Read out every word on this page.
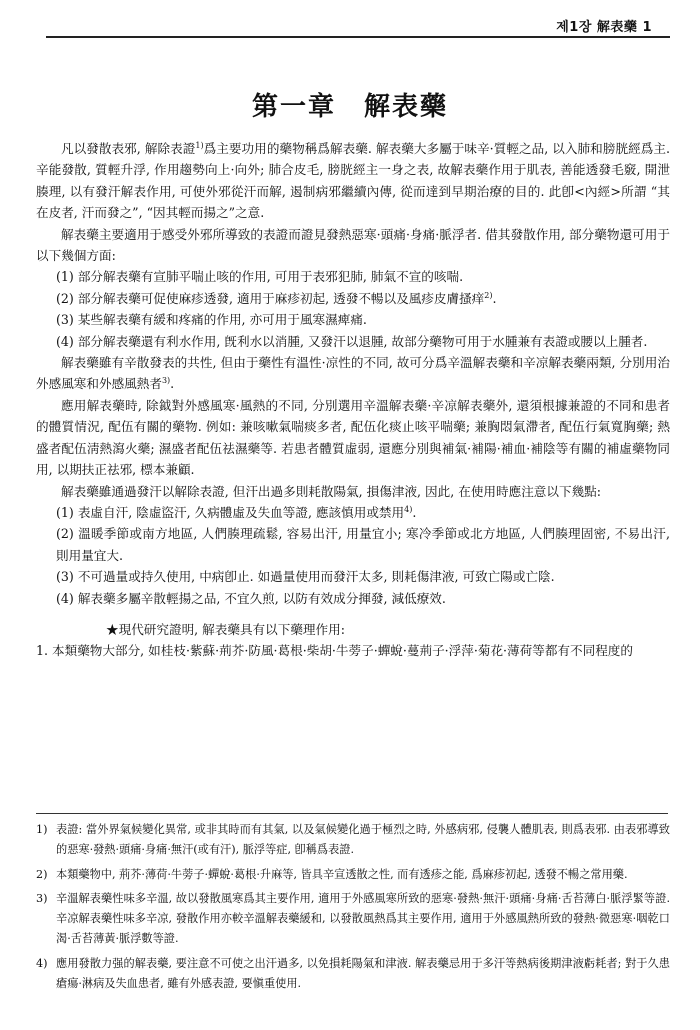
제1장 解表藥 1
第一章　解表藥

凡以發散表邪, 解除表證$^{1)}$爲主要功用的藥物稱爲解表藥. 解表藥大多屬于味辛·質輕之品, 以入肺和膀胱經爲主. 辛能發散, 質輕升浮, 作用趨勢向上·向外; 肺合皮毛, 膀胱經主一身之表, 故解表藥作用于肌表, 善能透發毛竅, 開泄腠理, 以有發汗解表作用, 可使外邪從汗而解, 遏制病邪繼續內傳, 從而達到早期治療的目的. 此卽<內經>所謂 “其在皮者, 汗而發之”, “因其輕而揚之”之意.

解表藥主要適用于感受外邪所導致的表證而證見發熱惡寒·頭痛·身痛·脈浮者. 借其發散作用, 部分藥物還可用于以下幾個方面:

(1) 部分解表藥有宣肺平喘止咳的作用, 可用于表邪犯肺, 肺氣不宣的咳喘.

(2) 部分解表藥可促使麻疹透發, 適用于麻疹初起, 透發不暢以及風疹皮膚搔痒$^{2)}$.

(3) 某些解表藥有緩和疼痛的作用, 亦可用于風寒濕痺痛.

(4) 部分解表藥還有利水作用, 旣利水以消腫, 又發汗以退腫, 故部分藥物可用于水腫兼有表證或腰以上腫者.

解表藥雖有辛散發表的共性, 但由于藥性有溫性·凉性的不同, 故可分爲辛溫解表藥和辛凉解表藥兩類, 分別用治外感風寒和外感風熱者$^{3)}$.

應用解表藥時, 除鉞對外感風寒·風熱的不同, 分別選用辛溫解表藥·辛凉解表藥外, 還須根據兼證的不同和患者的體質情況, 配伍有關的藥物. 例如: 兼咳嗽氣喘痰多者, 配伍化痰止咳平喘藥; 兼胸悶氣滯者, 配伍行氣寬胸藥; 熱盛者配伍淸熱瀉火藥; 濕盛者配伍祛濕藥等. 若患者體質虛弱, 還應分別與補氣·補陽·補血·補陰等有關的補虛藥物同用, 以期扶正祛邪, 標本兼顧.

解表藥雖通過發汗以解除表證, 但汗出過多則耗散陽氣, 損傷津液, 因此, 在使用時應注意以下幾點:

(1) 表虛自汗, 陰虛盜汗, 久病體虛及失血等證, 應該慎用或禁用$^{4)}$.

(2) 溫暖季節或南方地區, 人們腠理疏鬆, 容易出汗, 用量宜小; 寒冷季節或北方地區, 人們腠理固密, 不易出汗, 則用量宜大.

(3) 不可過量或持久使用, 中病卽止. 如過量使用而發汗太多, 則耗傷津液, 可致亡陽或亡陰.

(4) 解表藥多屬辛散輕揚之品, 不宜久煎, 以防有效成分揮發, 減低療效.

★現代研究證明, 解表藥具有以下藥理作用:

1. 本類藥物大部分, 如桂枝·紫蘇·荊芥·防風·葛根·柴胡·牛蒡子·蟬蛻·蔓荊子·浮萍·菊花·薄荷等都有不同程度的

1) 表證: 當外界氣候變化異常, 或非其時而有其氣, 以及氣候變化過于極烈之時, 外感病邪, 侵襲人體肌表, 則爲表邪. 由表邪導致的惡寒·發熱·頭痛·身痛·無汗(或有汗), 脈浮等症, 卽稱爲表證.

2) 本類藥物中, 荊芥·薄荷·牛蒡子·蟬蛻·葛根·升麻等, 皆具辛宣透散之性, 而有透疹之能, 爲麻疹初起, 透發不暢之常用藥.

3) 辛溫解表藥性味多辛溫, 故以發散風寒爲其主要作用, 適用于外感風寒所致的惡寒·發熱·無汗·頭痛·身痛·舌苔薄白·脈浮緊等證. 辛凉解表藥性味多辛凉, 發散作用亦較辛溫解表藥緩和, 以發散風熱爲其主要作用, 適用于外感風熱所致的發熱·微惡寒·咽乾口渴·舌苔薄黃·脈浮數等證.

4) 應用發散力强的解表藥, 要注意不可使之出汗過多, 以免損耗陽氣和津液. 解表藥忌用于多汗等熱病後期津液虧耗者; 對于久患瘡瘍·淋病及失血患者, 雖有外感表證, 要愼重使用.
